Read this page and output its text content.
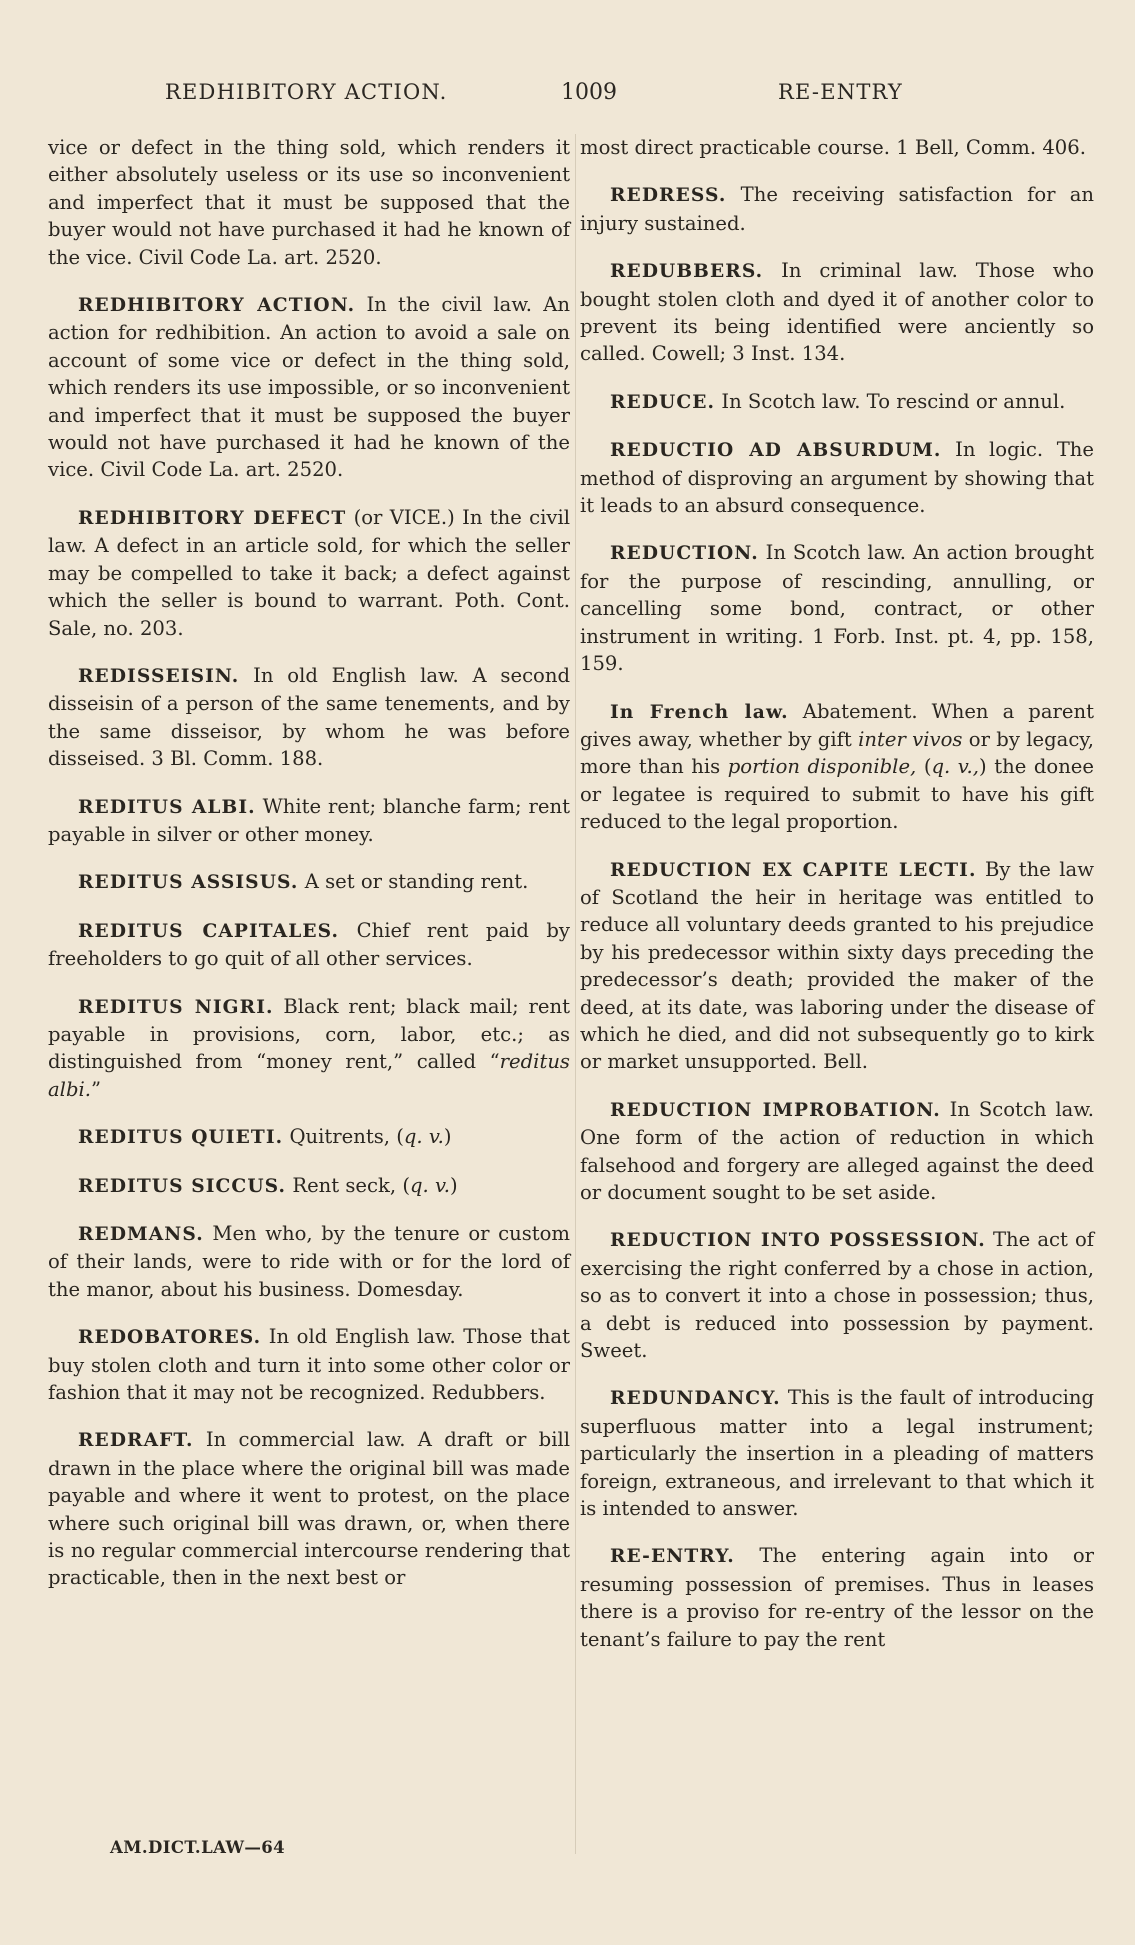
REDHIBITORY ACTION.	1009	RE-ENTRY

vice or defect in the thing sold, which renders it either absolutely useless or its use so inconvenient and imperfect that it must be supposed that the buyer would not have purchased it had he known of the vice. Civil Code La. art. 2520.

REDHIBITORY ACTION. In the civil law. An action for redhibition. An action to avoid a sale on account of some vice or defect in the thing sold, which renders its use impossible, or so inconvenient and imperfect that it must be supposed the buyer would not have purchased it had he known of the vice. Civil Code La. art. 2520.

REDHIBITORY DEFECT (or VICE.) In the civil law. A defect in an article sold, for which the seller may be compelled to take it back; a defect against which the seller is bound to warrant. Poth. Cont. Sale, no. 203.

REDISSEISIN. In old English law. A second disseisin of a person of the same tenements, and by the same disseisor, by whom he was before disseised. 3 Bl. Comm. 188.

REDITUS ALBI. White rent; blanche farm; rent payable in silver or other money.

REDITUS ASSISUS. A set or standing rent.

REDITUS CAPITALES. Chief rent paid by freeholders to go quit of all other services.

REDITUS NIGRI. Black rent; black mail; rent payable in provisions, corn, labor, etc.; as distinguished from “money rent,” called “reditus albi.”

REDITUS QUIETI. Quitrents, (q. v.)

REDITUS SICCUS. Rent seck, (q. v.)

REDMANS. Men who, by the tenure or custom of their lands, were to ride with or for the lord of the manor, about his business. Domesday.

REDOBATORES. In old English law. Those that buy stolen cloth and turn it into some other color or fashion that it may not be recognized. Redubbers.

REDRAFT. In commercial law. A draft or bill drawn in the place where the original bill was made payable and where it went to protest, on the place where such original bill was drawn, or, when there is no regular commercial intercourse rendering that practicable, then in the next best or

most direct practicable course. 1 Bell, Comm. 406.

REDRESS. The receiving satisfaction for an injury sustained.

REDUBBERS. In criminal law. Those who bought stolen cloth and dyed it of another color to prevent its being identified were anciently so called. Cowell; 3 Inst. 134.

REDUCE. In Scotch law. To rescind or annul.

REDUCTIO AD ABSURDUM. In logic. The method of disproving an argument by showing that it leads to an absurd consequence.

REDUCTION. In Scotch law. An action brought for the purpose of rescinding, annulling, or cancelling some bond, contract, or other instrument in writing. 1 Forb. Inst. pt. 4, pp. 158, 159.

In French law. Abatement. When a parent gives away, whether by gift inter vivos or by legacy, more than his portion disponible, (q. v.,) the donee or legatee is required to submit to have his gift reduced to the legal proportion.

REDUCTION EX CAPITE LECTI. By the law of Scotland the heir in heritage was entitled to reduce all voluntary deeds granted to his prejudice by his predecessor within sixty days preceding the predecessor’s death; provided the maker of the deed, at its date, was laboring under the disease of which he died, and did not subsequently go to kirk or market unsupported. Bell.

REDUCTION IMPROBATION. In Scotch law. One form of the action of reduction in which falsehood and forgery are alleged against the deed or document sought to be set aside.

REDUCTION INTO POSSESSION. The act of exercising the right conferred by a chose in action, so as to convert it into a chose in possession; thus, a debt is reduced into possession by payment. Sweet.

REDUNDANCY. This is the fault of introducing superfluous matter into a legal instrument; particularly the insertion in a pleading of matters foreign, extraneous, and irrelevant to that which it is intended to answer.

RE-ENTRY. The entering again into or resuming possession of premises. Thus in leases there is a proviso for re-entry of the lessor on the tenant’s failure to pay the rent

AM.DICT.LAW—64
